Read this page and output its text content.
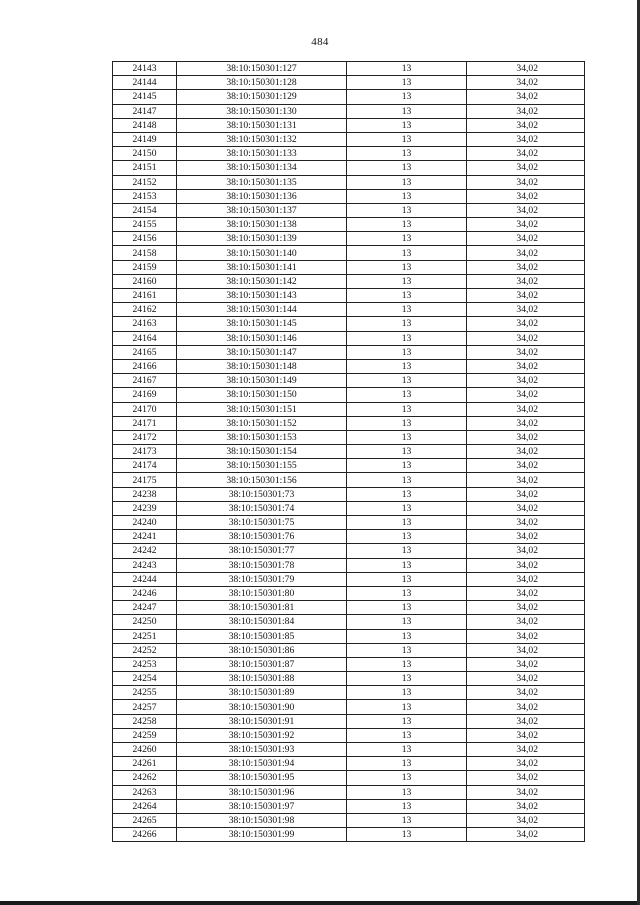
484
24143	38:10:150301:127	13	34,02
24144	38:10:150301:128	13	34,02
24145	38:10:150301:129	13	34,02
24147	38:10:150301:130	13	34,02
24148	38:10:150301:131	13	34,02
24149	38:10:150301:132	13	34,02
24150	38:10:150301:133	13	34,02
24151	38:10:150301:134	13	34,02
24152	38:10:150301:135	13	34,02
24153	38:10:150301:136	13	34,02
24154	38:10:150301:137	13	34,02
24155	38:10:150301:138	13	34,02
24156	38:10:150301:139	13	34,02
24158	38:10:150301:140	13	34,02
24159	38:10:150301:141	13	34,02
24160	38:10:150301:142	13	34,02
24161	38:10:150301:143	13	34,02
24162	38:10:150301:144	13	34,02
24163	38:10:150301:145	13	34,02
24164	38:10:150301:146	13	34,02
24165	38:10:150301:147	13	34,02
24166	38:10:150301:148	13	34,02
24167	38:10:150301:149	13	34,02
24169	38:10:150301:150	13	34,02
24170	38:10:150301:151	13	34,02
24171	38:10:150301:152	13	34,02
24172	38:10:150301:153	13	34,02
24173	38:10:150301:154	13	34,02
24174	38:10:150301:155	13	34,02
24175	38:10:150301:156	13	34,02
24238	38:10:150301:73	13	34,02
24239	38:10:150301:74	13	34,02
24240	38:10:150301:75	13	34,02
24241	38:10:150301:76	13	34,02
24242	38:10:150301:77	13	34,02
24243	38:10:150301:78	13	34,02
24244	38:10:150301:79	13	34,02
24246	38:10:150301:80	13	34,02
24247	38:10:150301:81	13	34,02
24250	38:10:150301:84	13	34,02
24251	38:10:150301:85	13	34,02
24252	38:10:150301:86	13	34,02
24253	38:10:150301:87	13	34,02
24254	38:10:150301:88	13	34,02
24255	38:10:150301:89	13	34,02
24257	38:10:150301:90	13	34,02
24258	38:10:150301:91	13	34,02
24259	38:10:150301:92	13	34,02
24260	38:10:150301:93	13	34,02
24261	38:10:150301:94	13	34,02
24262	38:10:150301:95	13	34,02
24263	38:10:150301:96	13	34,02
24264	38:10:150301:97	13	34,02
24265	38:10:150301:98	13	34,02
24266	38:10:150301:99	13	34,02
